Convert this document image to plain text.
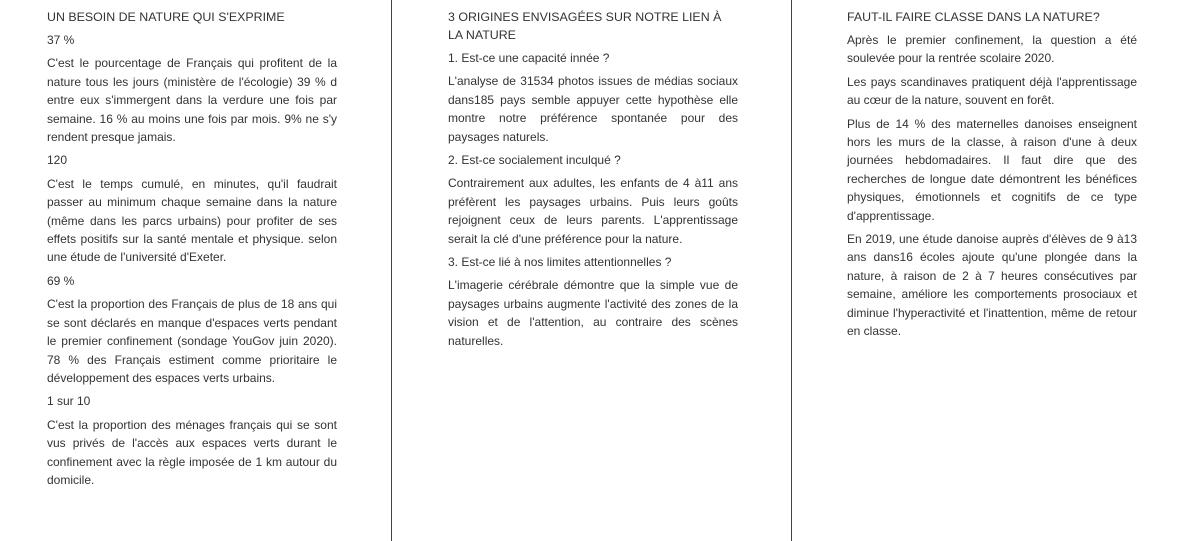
UN BESOIN DE NATURE QUI S'EXPRIME
37 %

C'est le pourcentage de Français qui profitent de la nature tous les jours (ministère de l'écologie) 39 % d entre eux s'immergent dans la verdure une fois par semaine. 16 % au moins une fois par mois. 9% ne s'y rendent presque jamais.

120

C'est le temps cumulé, en minutes, qu'il faudrait passer au minimum chaque semaine dans la nature (même dans les parcs urbains) pour profiter de ses effets positifs sur la santé mentale et physique. selon une étude de l'université d'Exeter.

69 %

C'est la proportion des Français de plus de 18 ans qui se sont déclarés en manque d'espaces verts pendant le premier confinement (sondage YouGov juin 2020). 78 % des Français estiment comme prioritaire le développement des espaces verts urbains.

1 sur 10

C'est la proportion des ménages français qui se sont vus privés de l'accès aux espaces verts durant le confinement avec la règle imposée de 1 km autour du domicile.

3 ORIGINES ENVISAGÉES SUR NOTRE LIEN À LA NATURE
1. Est-ce une capacité innée ?

L'analyse de 31534 photos issues de médias sociaux dans185 pays semble appuyer cette hypothèse elle montre notre préférence spontanée pour des paysages naturels.

2. Est-ce socialement inculqué ?

Contrairement aux adultes, les enfants de 4 à11 ans préfèrent les paysages urbains. Puis leurs goûts rejoignent ceux de leurs parents. L'apprentissage serait la clé d'une préférence pour la nature.

3. Est-ce lié à nos limites attentionnelles ?

L'imagerie cérébrale démontre que la simple vue de paysages urbains augmente l'activité des zones de la vision et de l'attention, au contraire des scènes naturelles.

FAUT-IL FAIRE CLASSE DANS LA NATURE?

Après le premier confinement, la question a été soulevée pour la rentrée scolaire 2020.

Les pays scandinaves pratiquent déjà l'apprentissage au cœur de la nature, souvent en forêt.

Plus de 14 % des maternelles danoises enseignent hors les murs de la classe, à raison d'une à deux journées hebdomadaires. Il faut dire que des recherches de longue date démontrent les bénéfices physiques, émotionnels et cognitifs de ce type d'apprentissage.

En 2019, une étude danoise auprès d'élèves de 9 à13 ans dans16 écoles ajoute qu'une plongée dans la nature, à raison de 2 à 7 heures consécutives par semaine, améliore les comportements prosociaux et diminue l'hyperactivité et l'inattention, même de retour en classe.
